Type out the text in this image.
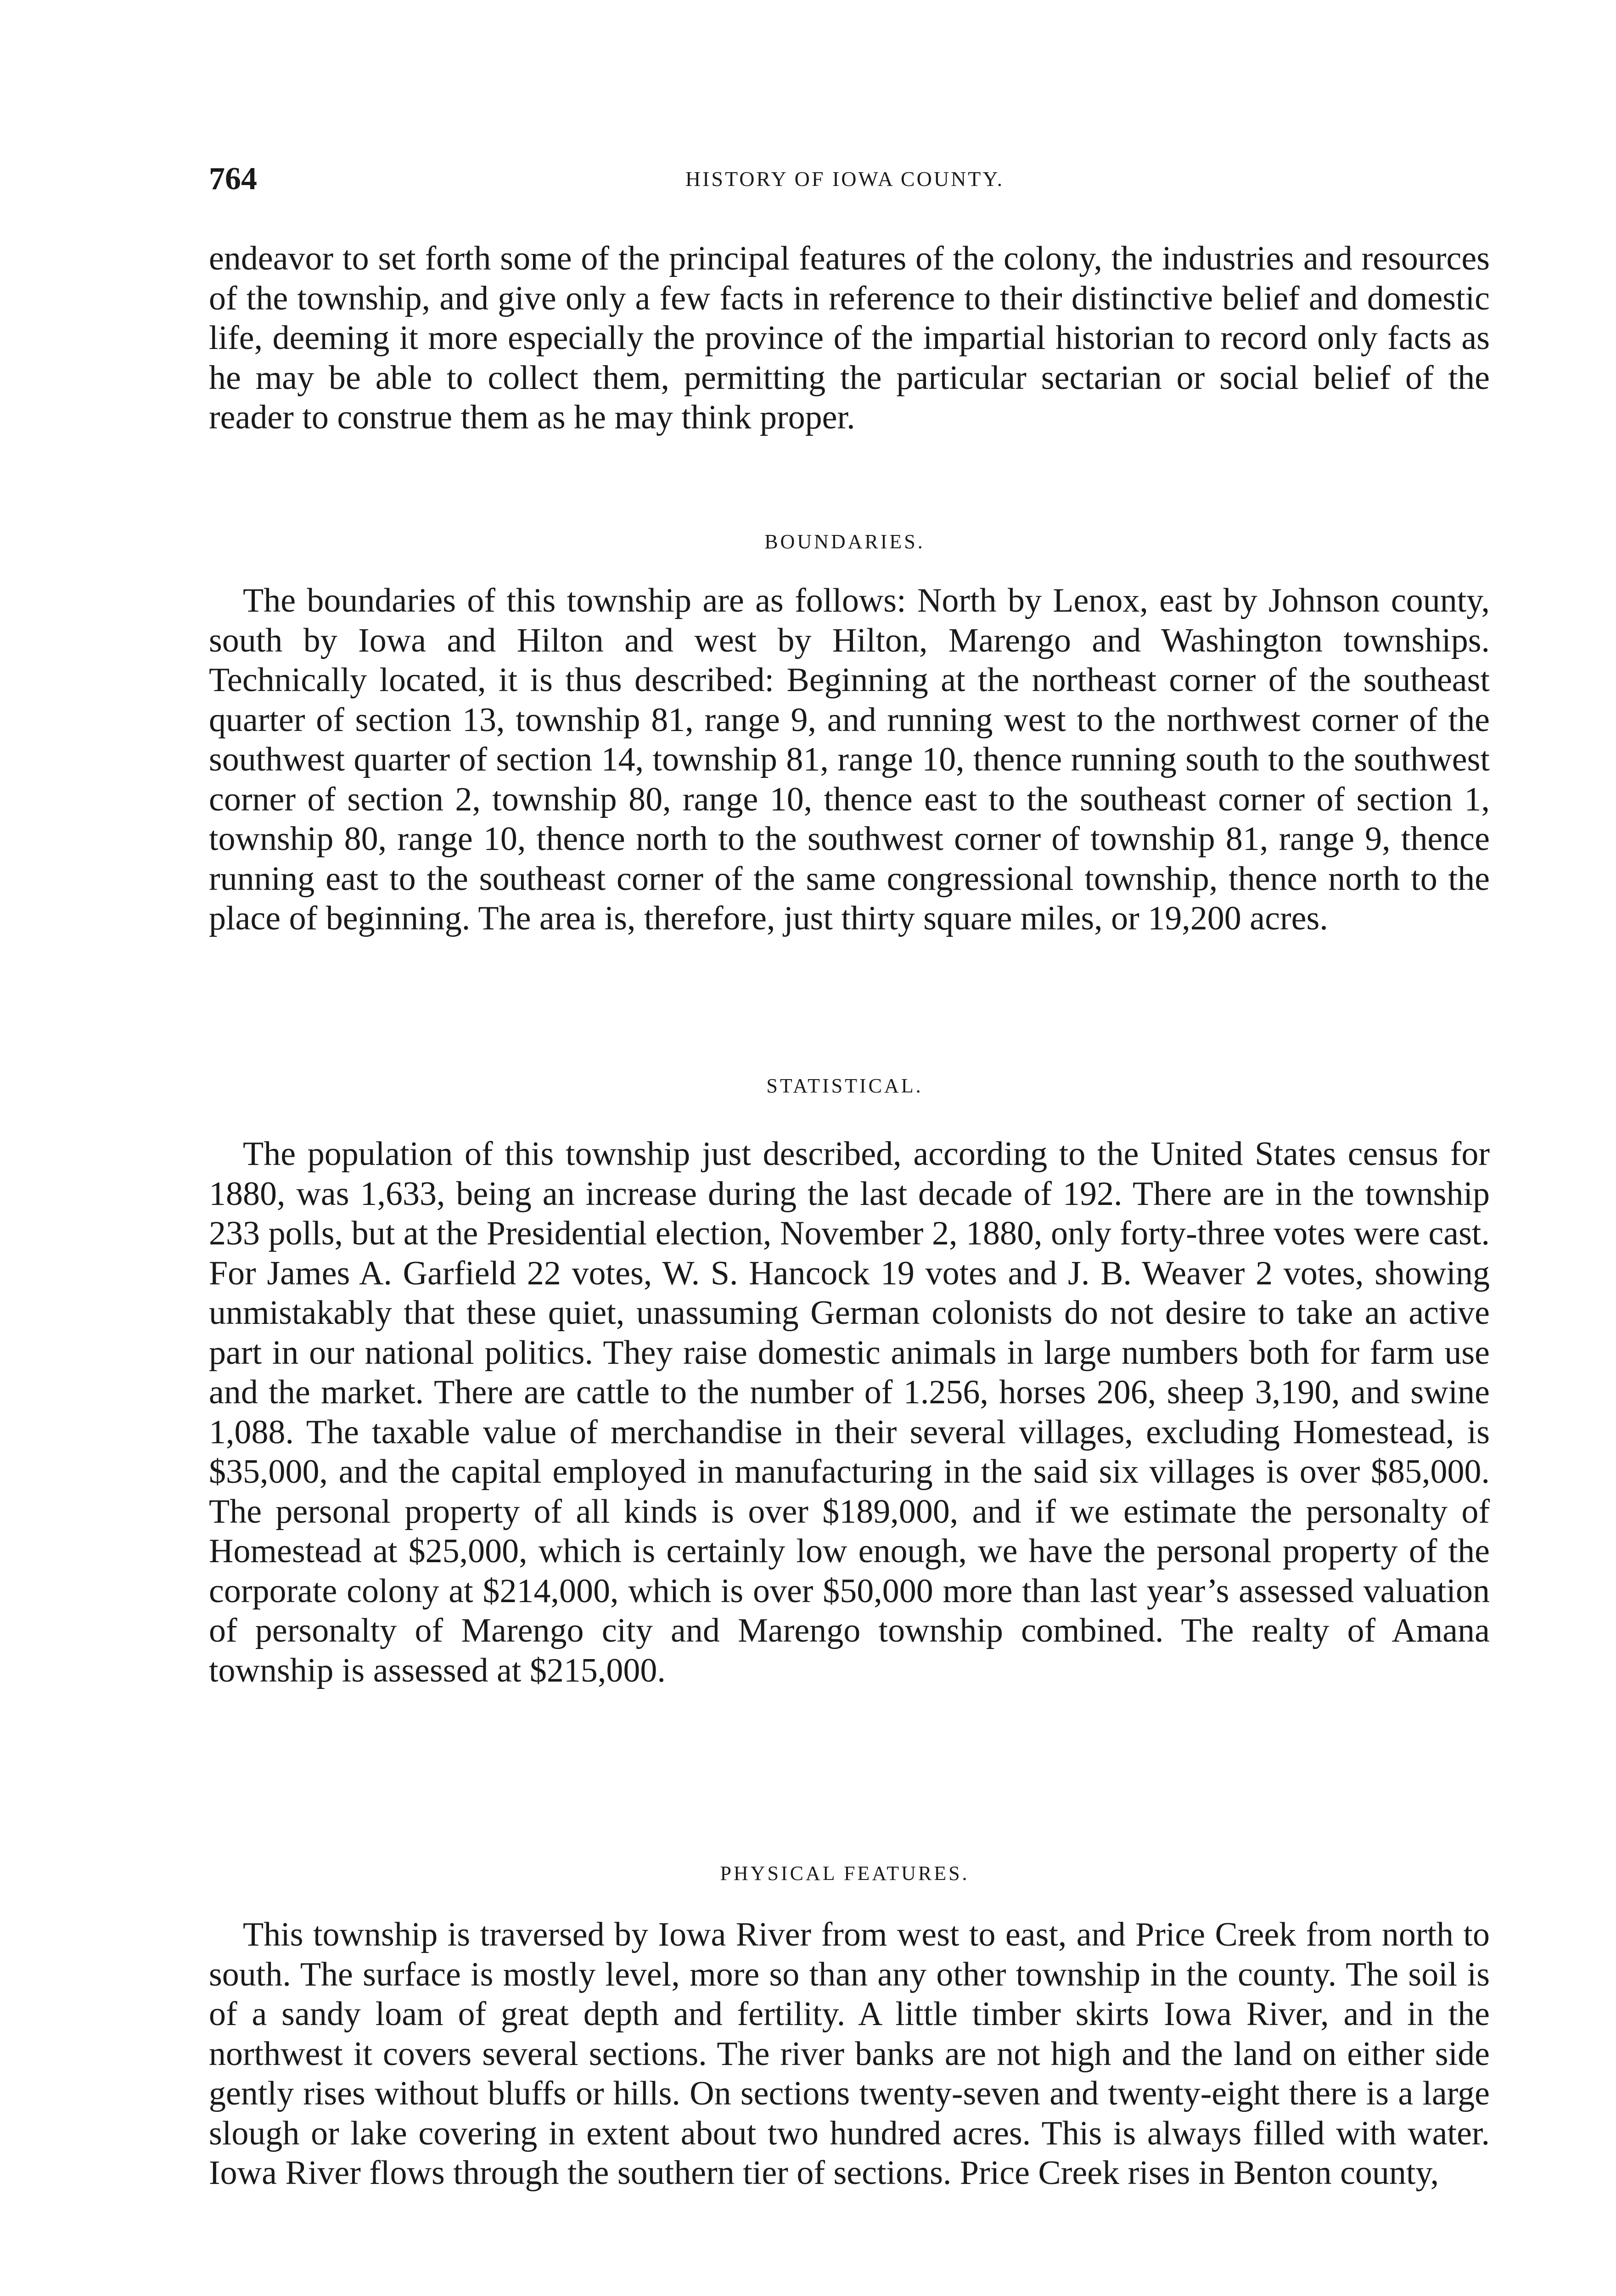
764	HISTORY OF IOWA COUNTY.

endeavor to set forth some of the principal features of the colony, the industries and resources of the township, and give only a few facts in reference to their distinctive belief and domestic life, deeming it more especially the province of the impartial historian to record only facts as he may be able to collect them, permitting the particular sectarian or social belief of the reader to construe them as he may think proper.

BOUNDARIES.

The boundaries of this township are as follows: North by Lenox, east by Johnson county, south by Iowa and Hilton and west by Hilton, Marengo and Washington townships. Technically located, it is thus described: Beginning at the northeast corner of the southeast quarter of section 13, township 81, range 9, and running west to the northwest corner of the southwest quarter of section 14, township 81, range 10, thence running south to the southwest corner of section 2, township 80, range 10, thence east to the southeast corner of section 1, township 80, range 10, thence north to the southwest corner of township 81, range 9, thence running east to the southeast corner of the same congressional township, thence north to the place of beginning. The area is, therefore, just thirty square miles, or 19,200 acres.

STATISTICAL.

The population of this township just described, according to the United States census for 1880, was 1,633, being an increase during the last decade of 192. There are in the township 233 polls, but at the Presidential election, November 2, 1880, only forty-three votes were cast. For James A. Garfield 22 votes, W. S. Hancock 19 votes and J. B. Weaver 2 votes, showing unmistakably that these quiet, unassuming German colonists do not desire to take an active part in our national politics. They raise domestic animals in large numbers both for farm use and the market. There are cattle to the number of 1.256, horses 206, sheep 3,190, and swine 1,088. The taxable value of merchandise in their several villages, excluding Homestead, is $35,000, and the capital employed in manufacturing in the said six villages is over $85,000. The personal property of all kinds is over $189,000, and if we estimate the personalty of Homestead at $25,000, which is certainly low enough, we have the personal property of the corporate colony at $214,000, which is over $50,000 more than last year’s assessed valuation of personalty of Marengo city and Marengo township combined. The realty of Amana township is assessed at $215,000.

PHYSICAL FEATURES.

This township is traversed by Iowa River from west to east, and Price Creek from north to south. The surface is mostly level, more so than any other township in the county. The soil is of a sandy loam of great depth and fertility. A little timber skirts Iowa River, and in the northwest it covers several sections. The river banks are not high and the land on either side gently rises without bluffs or hills. On sections twenty-seven and twenty-eight there is a large slough or lake covering in extent about two hundred acres. This is always filled with water. Iowa River flows through the southern tier of sections. Price Creek rises in Benton county,
